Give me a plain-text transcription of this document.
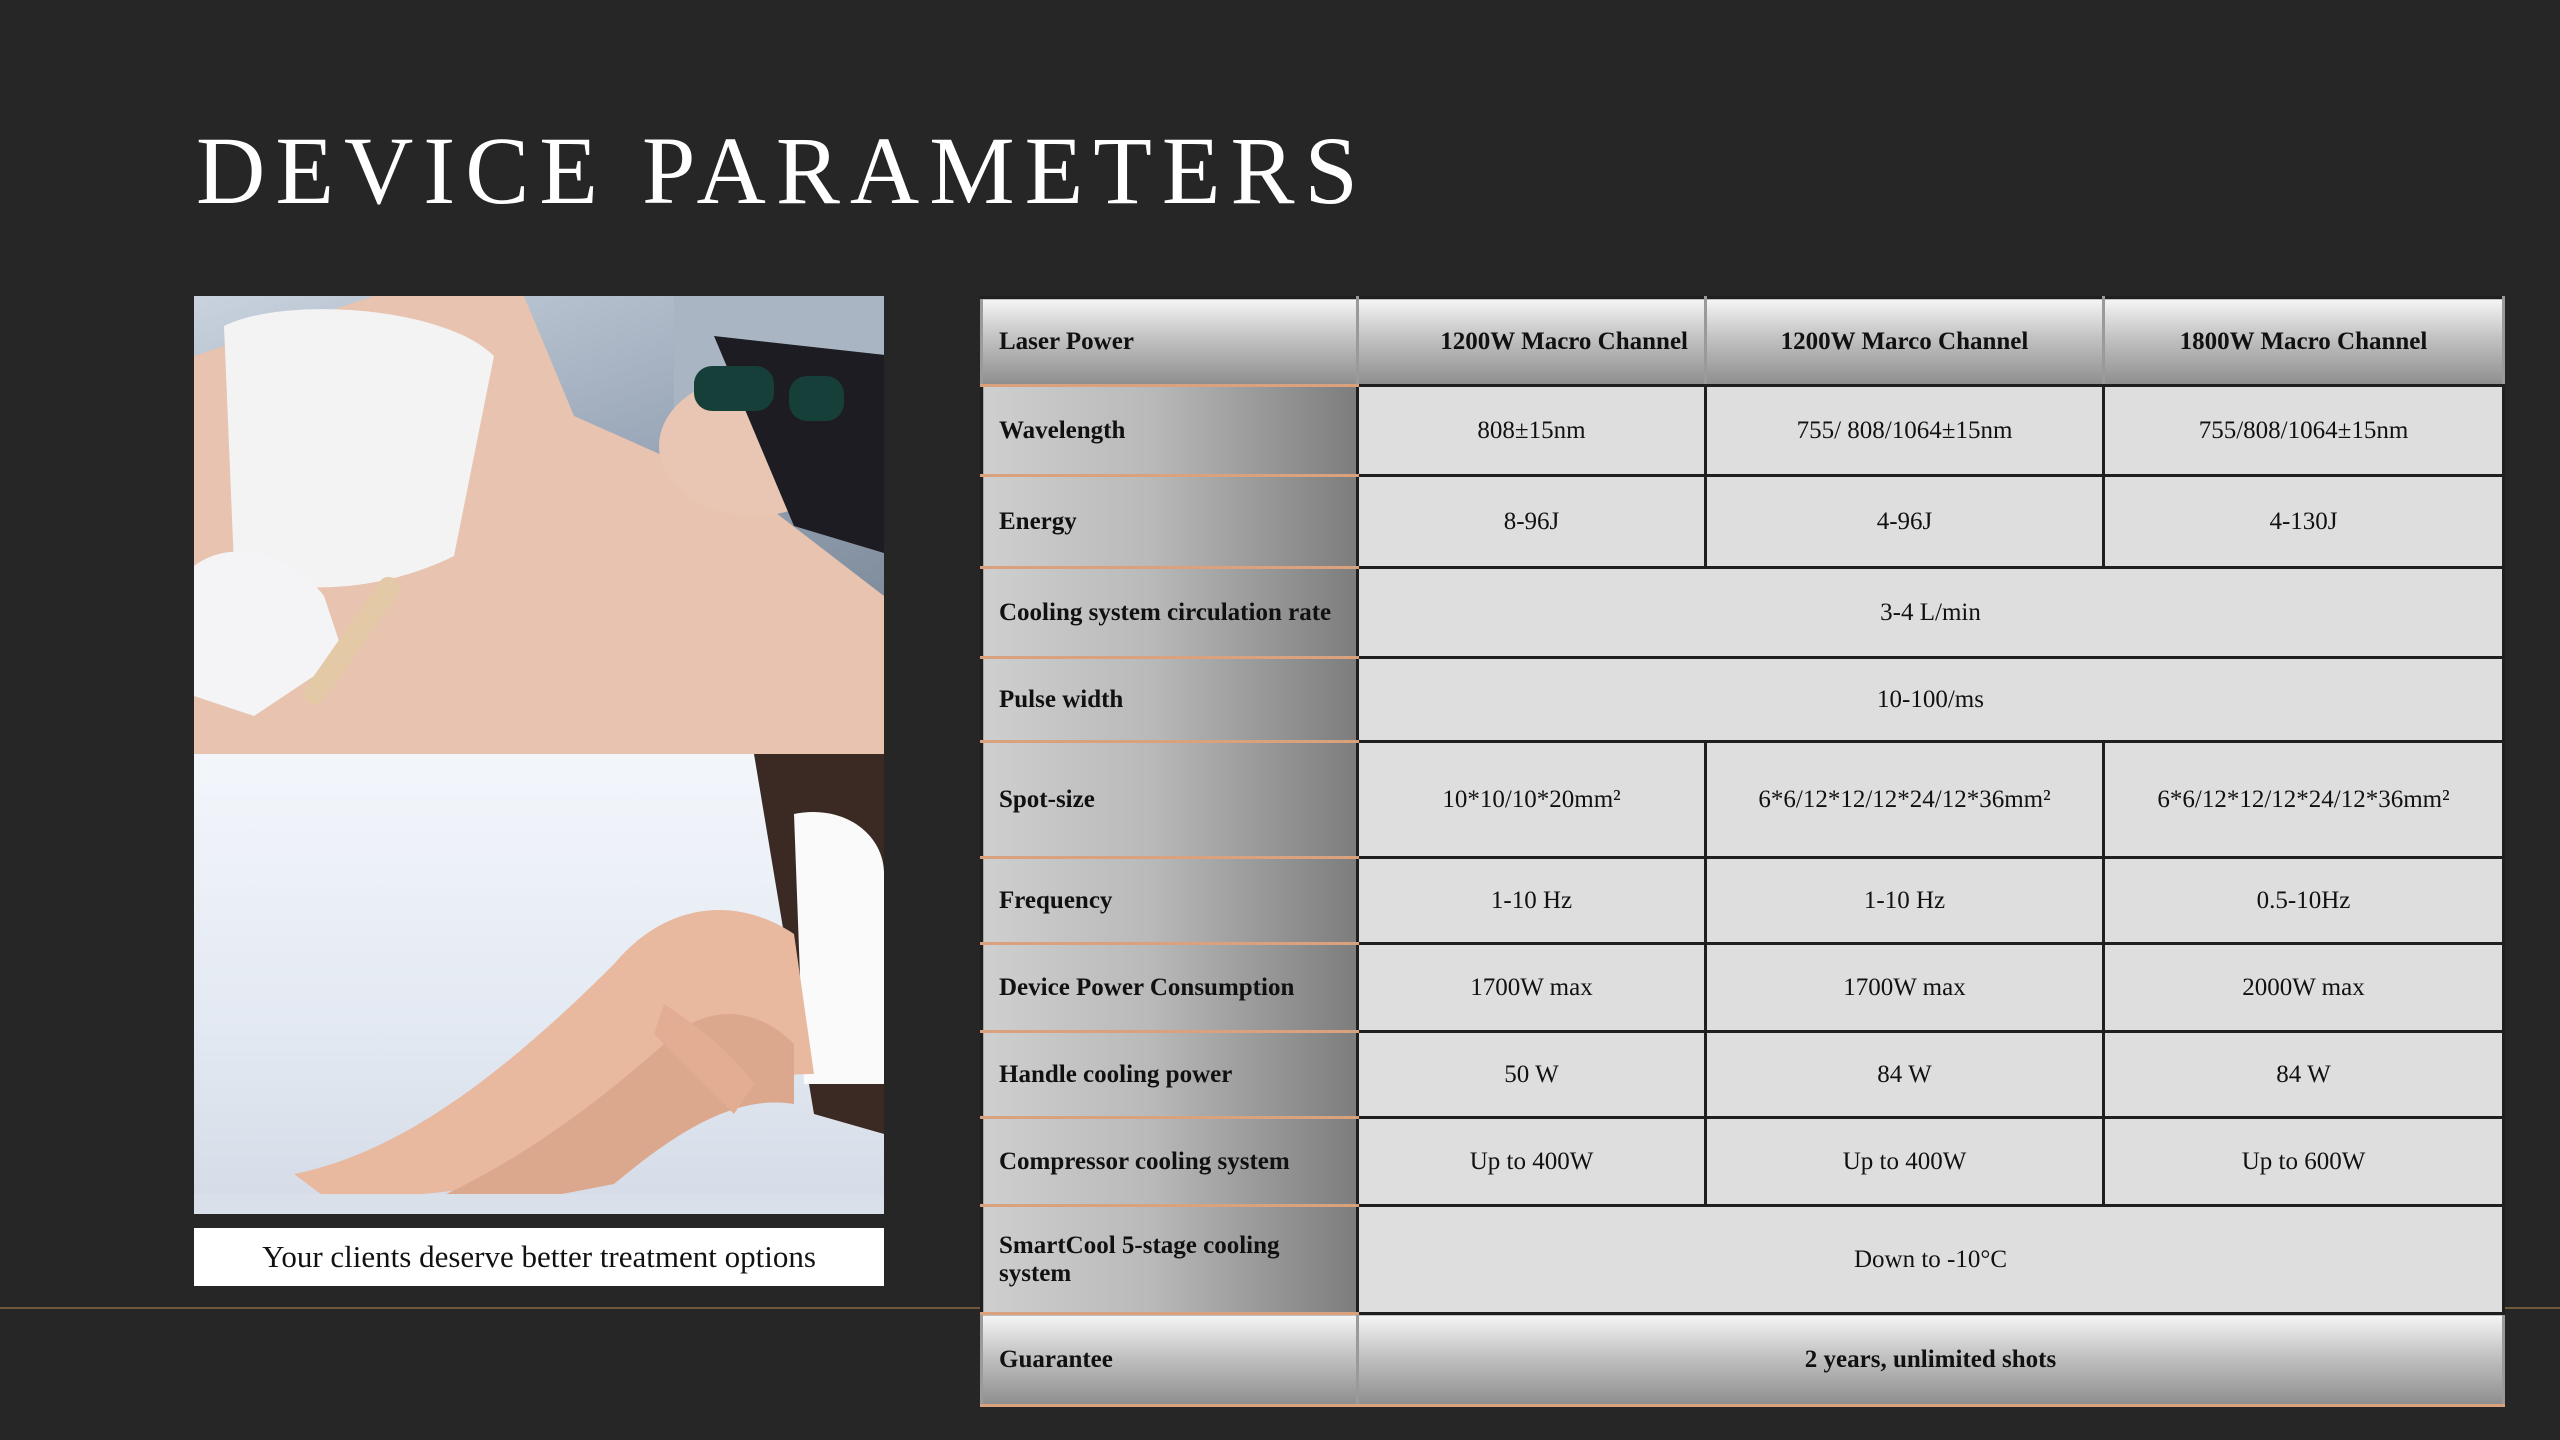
DEVICE PARAMETERS
Your clients deserve better treatment options
Laser Power	1200W Macro Channel	1200W Marco Channel	1800W Macro Channel
Wavelength	808±15nm	755/ 808/1064±15nm	755/808/1064±15nm
Energy	8-96J	4-96J	4-130J
Cooling system circulation rate	3-4 L/min		
Pulse width	10-100/ms		
Spot-size	10*10/10*20mm²	6*6/12*12/12*24/12*36mm²	6*6/12*12/12*24/12*36mm²
Frequency	1-10 Hz	1-10 Hz	0.5-10Hz
Device Power Consumption	1700W max	1700W max	2000W max
Handle cooling power	50 W	84 W	84 W
Compressor cooling system	Up to 400W	Up to 400W	Up to 600W
SmartCool 5-stage cooling system	Down to -10°C		
Guarantee	2 years, unlimited shots		
